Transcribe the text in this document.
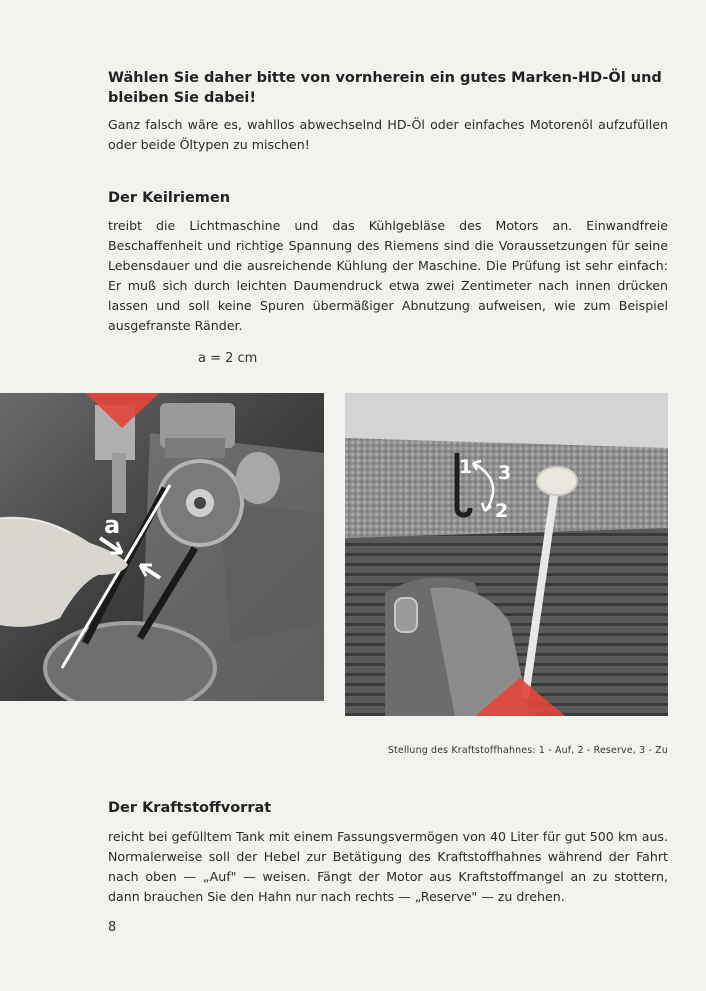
Wählen Sie daher bitte von vornherein ein gutes Marken-HD-Öl und bleiben Sie dabei!

Ganz falsch wäre es, wahllos abwechselnd HD-Öl oder einfaches Motorenöl aufzufüllen oder beide Öltypen zu mischen!

Der Keilriemen

treibt die Lichtmaschine und das Kühlgebläse des Motors an. Einwandfreie Beschaffenheit und richtige Spannung des Riemens sind die Voraussetzungen für seine Lebensdauer und die ausreichende Kühlung der Maschine. Die Prüfung ist sehr einfach: Er muß sich durch leichten Daumendruck etwa zwei Zentimeter nach innen drücken lassen und soll keine Spuren übermäßiger Abnutzung aufweisen, wie zum Beispiel ausgefranste Ränder.

a = 2 cm
a
1 3
2
Stellung des Kraftstoffhahnes: 1 - Auf, 2 - Reserve, 3 - Zu

Der Kraftstoffvorrat

reicht bei gefülltem Tank mit einem Fassungsvermögen von 40 Liter für gut 500 km aus. Normalerweise soll der Hebel zur Betätigung des Kraftstoffhahnes während der Fahrt nach oben — „Auf" — weisen. Fängt der Motor aus Kraftstoffmangel an zu stottern, dann brauchen Sie den Hahn nur nach rechts — „Reserve" — zu drehen.

8
